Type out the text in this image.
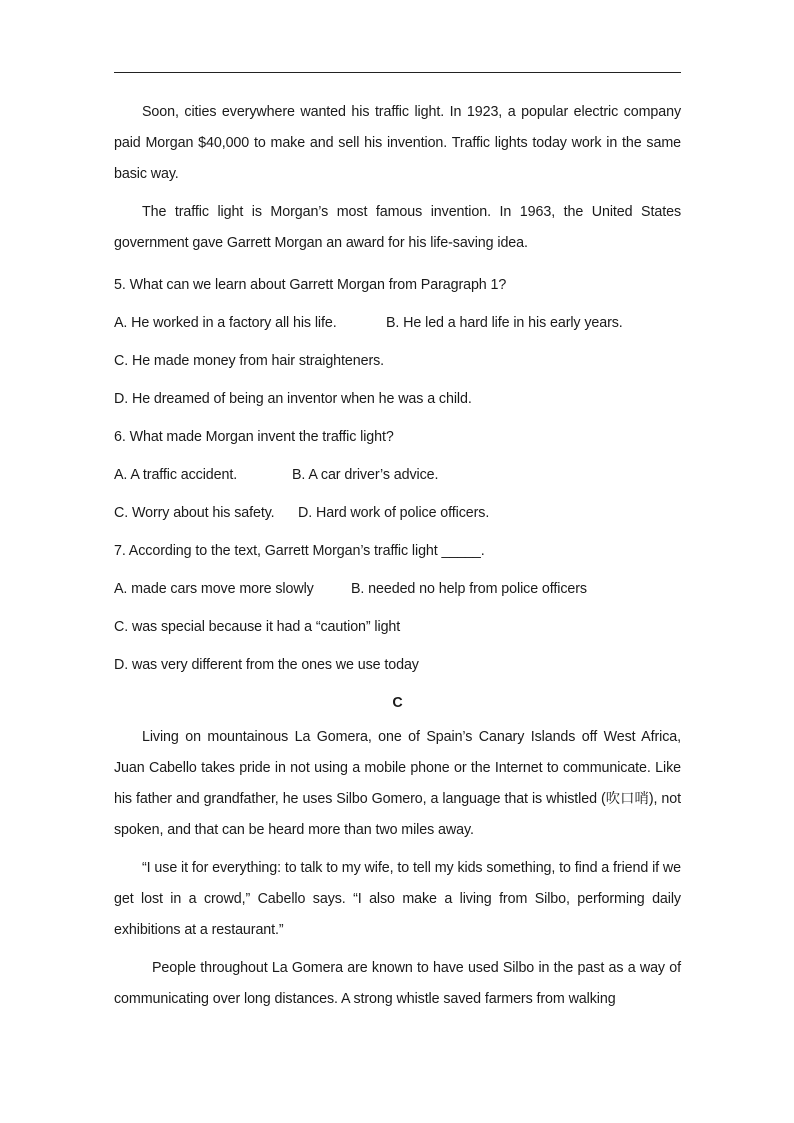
Soon, cities everywhere wanted his traffic light. In 1923, a popular electric company paid Morgan $40,000 to make and sell his invention. Traffic lights today work in the same basic way.

The traffic light is Morgan’s most famous invention. In 1963, the United States government gave Garrett Morgan an award for his life-saving idea.

5. What can we learn about Garrett Morgan from Paragraph 1?

A. He worked in a factory all his life.	B. He led a hard life in his early years.

C. He made money from hair straighteners.

D. He dreamed of being an inventor when he was a child.

6. What made Morgan invent the traffic light?

A. A traffic accident.	B. A car driver’s advice.

C. Worry about his safety. D. Hard work of police officers.

7. According to the text, Garrett Morgan’s traffic light _____.

A. made cars move more slowly	B. needed no help from police officers

C. was special because it had a “caution” light

D. was very different from the ones we use today

C

Living on mountainous La Gomera, one of Spain’s Canary Islands off West Africa, Juan Cabello takes pride in not using a mobile phone or the Internet to communicate. Like his father and grandfather, he uses Silbo Gomero, a language that is whistled (吹口哨), not spoken, and that can be heard more than two miles away.

“I use it for everything: to talk to my wife, to tell my kids something, to find a friend if we get lost in a crowd,” Cabello says. “I also make a living from Silbo, performing daily exhibitions at a restaurant.”

People throughout La Gomera are known to have used Silbo in the past as a way of communicating over long distances. A strong whistle saved farmers from walking
